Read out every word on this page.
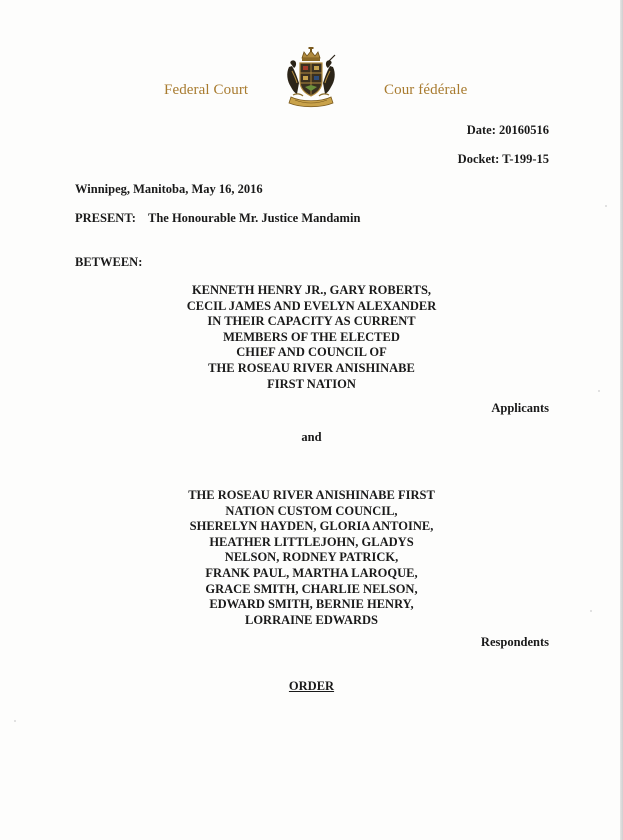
Federal Court	Cour fédérale
Date: 20160516
Docket: T-199-15
Winnipeg, Manitoba, May 16, 2016
PRESENT: The Honourable Mr. Justice Mandamin
BETWEEN:
KENNETH HENRY JR., GARY ROBERTS,
CECIL JAMES AND EVELYN ALEXANDER
IN THEIR CAPACITY AS CURRENT
MEMBERS OF THE ELECTED
CHIEF AND COUNCIL OF
THE ROSEAU RIVER ANISHINABE
FIRST NATION
Applicants
and
THE ROSEAU RIVER ANISHINABE FIRST
NATION CUSTOM COUNCIL,
SHERELYN HAYDEN, GLORIA ANTOINE,
HEATHER LITTLEJOHN, GLADYS
NELSON, RODNEY PATRICK,
FRANK PAUL, MARTHA LAROQUE,
GRACE SMITH, CHARLIE NELSON,
EDWARD SMITH, BERNIE HENRY,
LORRAINE EDWARDS
Respondents
ORDER
